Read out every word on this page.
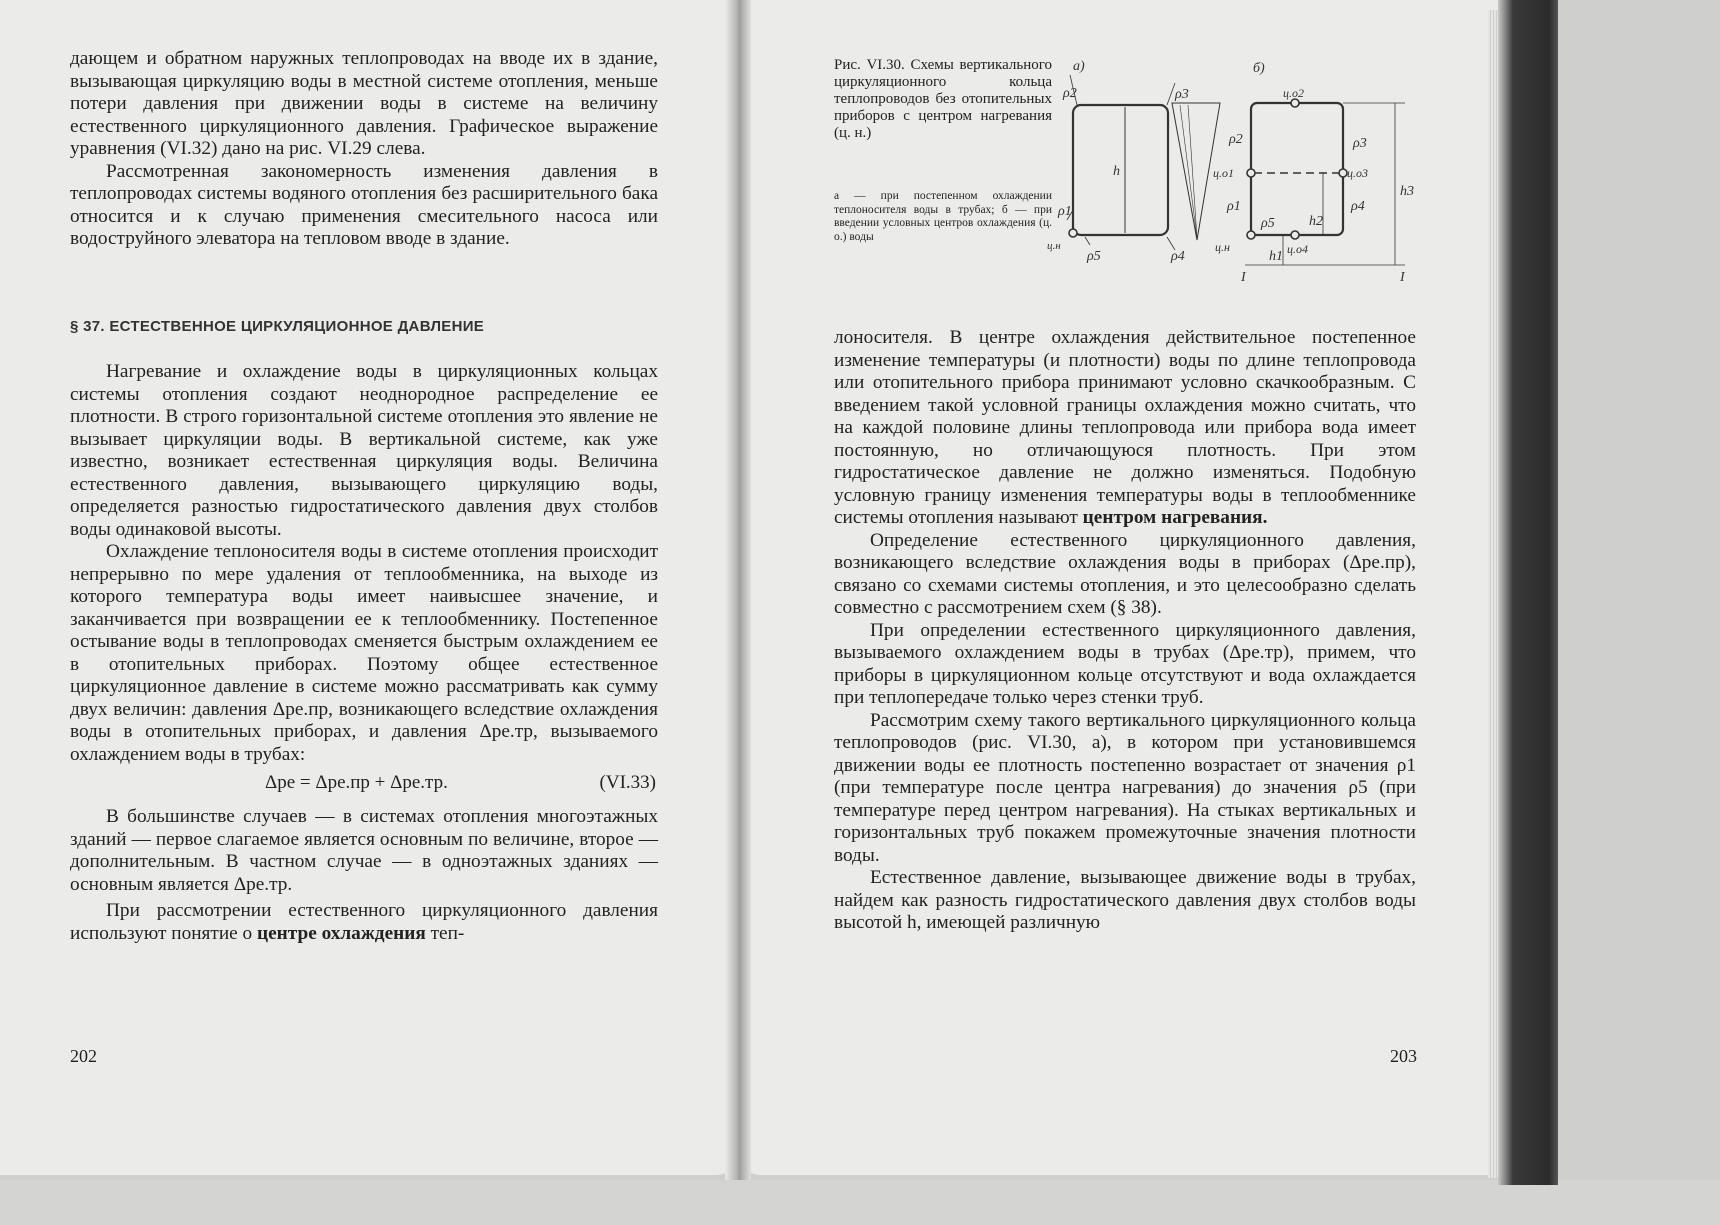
дающем и обратном наружных теплопроводах на вводе их в здание, вызывающая циркуляцию воды в местной системе отопления, меньше потери давления при движении воды в системе на величину естественного циркуляционного давления. Графическое выражение уравнения (VI.32) дано на рис. VI.29 слева.

Рассмотренная закономерность изменения давления в теплопроводах системы водяного отопления без расширительного бака относится и к случаю применения смесительного насоса или водоструйного элеватора на тепловом вводе в здание.

§ 37. ЕСТЕСТВЕННОЕ ЦИРКУЛЯЦИОННОЕ ДАВЛЕНИЕ

Нагревание и охлаждение воды в циркуляционных кольцах системы отопления создают неоднородное распределение ее плотности. В строго горизонтальной системе отопления это явление не вызывает циркуляции воды. В вертикальной системе, как уже известно, возникает естественная циркуляция воды. Величина естественного давления, вызывающего циркуляцию воды, определяется разностью гидростатического давления двух столбов воды одинаковой высоты.

Охлаждение теплоносителя воды в системе отопления происходит непрерывно по мере удаления от теплообменника, на выходе из которого температура воды имеет наивысшее значение, и заканчивается при возвращении ее к теплообменнику. Постепенное остывание воды в теплопроводах сменяется быстрым охлаждением ее в отопительных приборах. Поэтому общее естественное циркуляционное давление в системе можно рассматривать как сумму двух величин: давления Δpе.пр, возникающего вследствие охлаждения воды в отопительных приборах, и давления Δpе.тр, вызываемого охлаждением воды в трубах:

Δpе = Δpе.пр + Δpе.тр.	(VI.33)

В большинстве случаев — в системах отопления многоэтажных зданий — первое слагаемое является основным по величине, второе — дополнительным. В частном случае — в одноэтажных зданиях — основным является Δpе.тр.

При рассмотрении естественного циркуляционного давления используют понятие о центре охлаждения теп-

202
Рис. VI.30. Схемы вертикального циркуляционного кольца теплопроводов без отопительных приборов с центром нагревания (ц. н.)
а — при постепенном охлаждении теплоносителя воды в трубах; б — при введении условных центров охлаждения (ц. о.) воды
а)	б)
ρ2	ρ3
ρ1
ρ5	ρ4
h
ц.н
ц.о2
ц.о1	ц.о3
ц.о4
ц.н
ρ2	ρ3
ρ1	ρ4
ρ5
h3
h2
h1
I	I

лоносителя. В центре охлаждения действительное постепенное изменение температуры (и плотности) воды по длине теплопровода или отопительного прибора принимают условно скачкообразным. С введением такой условной границы охлаждения можно считать, что на каждой половине длины теплопровода или прибора вода имеет постоянную, но отличающуюся плотность. При этом гидростатическое давление не должно изменяться. Подобную условную границу изменения температуры воды в теплообменнике системы отопления называют центром нагревания.

Определение естественного циркуляционного давления, возникающего вследствие охлаждения воды в приборах (Δpе.пр), связано со схемами системы отопления, и это целесообразно сделать совместно с рассмотрением схем (§ 38).

При определении естественного циркуляционного давления, вызываемого охлаждением воды в трубах (Δpе.тр), примем, что приборы в циркуляционном кольце отсутствуют и вода охлаждается при теплопередаче только через стенки труб.

Рассмотрим схему такого вертикального циркуляционного кольца теплопроводов (рис. VI.30, а), в котором при установившемся движении воды ее плотность постепенно возрастает от значения ρ1 (при температуре после центра нагревания) до значения ρ5 (при температуре перед центром нагревания). На стыках вертикальных и горизонтальных труб покажем промежуточные значения плотности воды.

Естественное давление, вызывающее движение воды в трубах, найдем как разность гидростатического давления двух столбов воды высотой h, имеющей различную

203
